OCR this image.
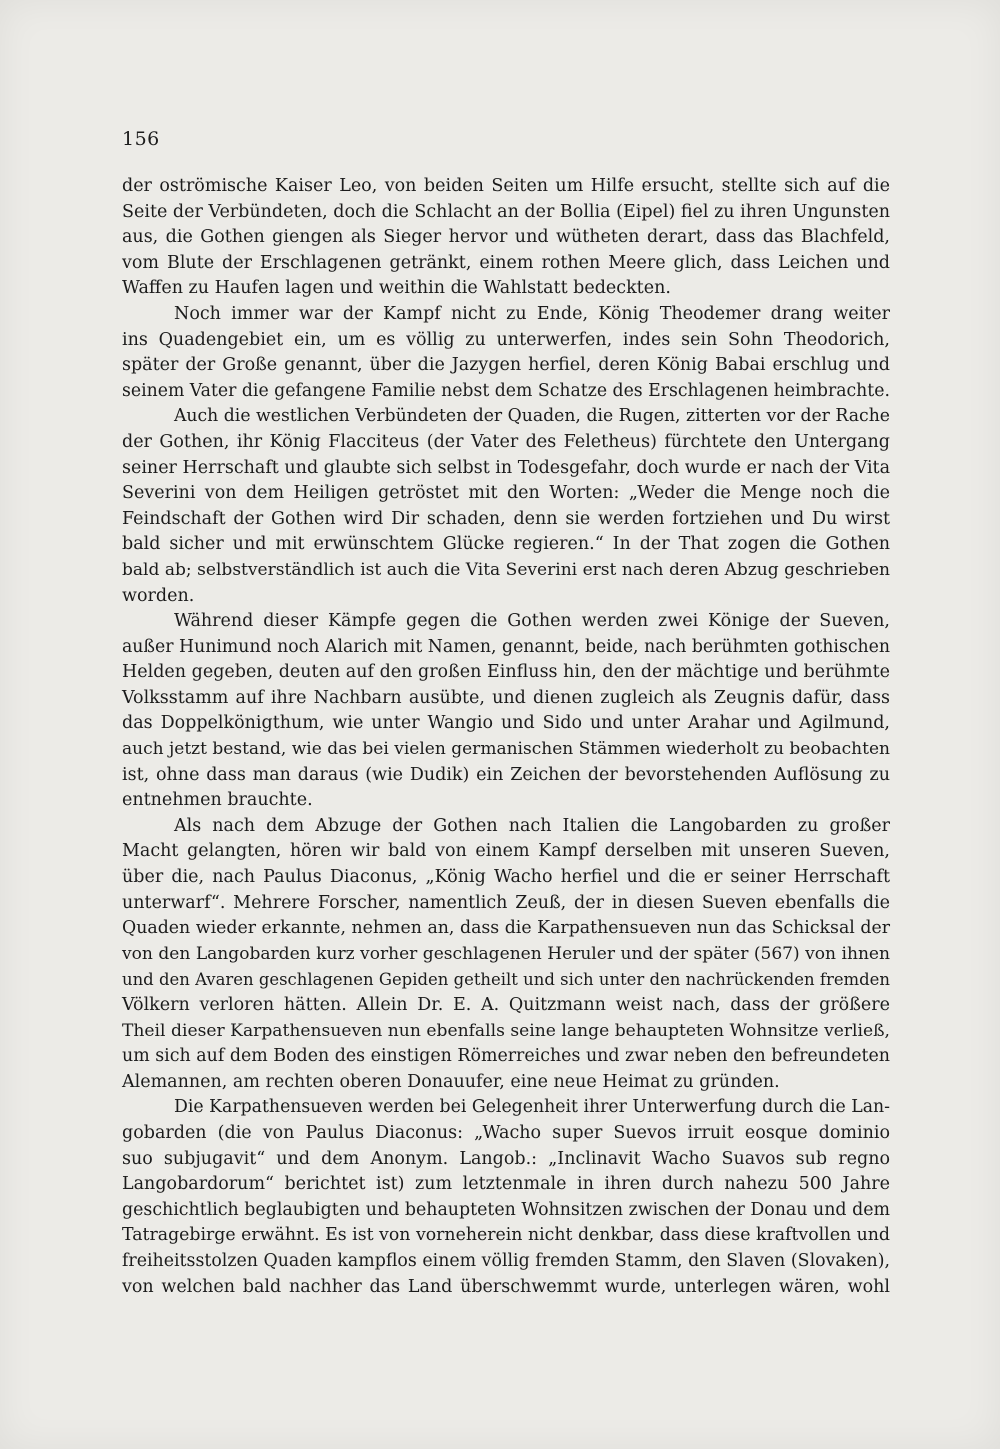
156
der oströmische Kaiser Leo, von beiden Seiten um Hilfe ersucht, stellte sich auf die
Seite der Verbündeten, doch die Schlacht an der Bollia (Eipel) fiel zu ihren Ungunsten
aus, die Gothen giengen als Sieger hervor und wütheten derart, dass das Blachfeld,
vom Blute der Erschlagenen getränkt, einem rothen Meere glich, dass Leichen und
Waffen zu Haufen lagen und weithin die Wahlstatt bedeckten.
Noch immer war der Kampf nicht zu Ende, König Theodemer drang weiter
ins Quadengebiet ein, um es völlig zu unterwerfen, indes sein Sohn Theodorich,
später der Große genannt, über die Jazygen herfiel, deren König Babai erschlug und
seinem Vater die gefangene Familie nebst dem Schatze des Erschlagenen heimbrachte.
Auch die westlichen Verbündeten der Quaden, die Rugen, zitterten vor der Rache
der Gothen, ihr König Flacciteus (der Vater des Feletheus) fürchtete den Untergang
seiner Herrschaft und glaubte sich selbst in Todesgefahr, doch wurde er nach der Vita
Severini von dem Heiligen getröstet mit den Worten: „Weder die Menge noch die
Feindschaft der Gothen wird Dir schaden, denn sie werden fortziehen und Du wirst
bald sicher und mit erwünschtem Glücke regieren.“ In der That zogen die Gothen
bald ab; selbstverständlich ist auch die Vita Severini erst nach deren Abzug geschrieben
worden.
Während dieser Kämpfe gegen die Gothen werden zwei Könige der Sueven,
außer Hunimund noch Alarich mit Namen, genannt, beide, nach berühmten gothischen
Helden gegeben, deuten auf den großen Einfluss hin, den der mächtige und berühmte
Volksstamm auf ihre Nachbarn ausübte, und dienen zugleich als Zeugnis dafür, dass
das Doppelkönigthum, wie unter Wangio und Sido und unter Arahar und Agilmund,
auch jetzt bestand, wie das bei vielen germanischen Stämmen wiederholt zu beobachten
ist, ohne dass man daraus (wie Dudik) ein Zeichen der bevorstehenden Auflösung zu
entnehmen brauchte.
Als nach dem Abzuge der Gothen nach Italien die Langobarden zu großer
Macht gelangten, hören wir bald von einem Kampf derselben mit unseren Sueven,
über die, nach Paulus Diaconus, „König Wacho herfiel und die er seiner Herrschaft
unterwarf“. Mehrere Forscher, namentlich Zeuß, der in diesen Sueven ebenfalls die
Quaden wieder erkannte, nehmen an, dass die Karpathensueven nun das Schicksal der
von den Langobarden kurz vorher geschlagenen Heruler und der später (567) von ihnen
und den Avaren geschlagenen Gepiden getheilt und sich unter den nachrückenden fremden
Völkern verloren hätten. Allein Dr. E. A. Quitzmann weist nach, dass der größere
Theil dieser Karpathensueven nun ebenfalls seine lange behaupteten Wohnsitze verließ,
um sich auf dem Boden des einstigen Römerreiches und zwar neben den befreundeten
Alemannen, am rechten oberen Donauufer, eine neue Heimat zu gründen.
Die Karpathensueven werden bei Gelegenheit ihrer Unterwerfung durch die Lan-
gobarden (die von Paulus Diaconus: „Wacho super Suevos irruit eosque dominio
suo subjugavit“ und dem Anonym. Langob.: „Inclinavit Wacho Suavos sub regno
Langobardorum“ berichtet ist) zum letztenmale in ihren durch nahezu 500 Jahre
geschichtlich beglaubigten und behaupteten Wohnsitzen zwischen der Donau und dem
Tatragebirge erwähnt. Es ist von vorneherein nicht denkbar, dass diese kraftvollen und
freiheitsstolzen Quaden kampflos einem völlig fremden Stamm, den Slaven (Slovaken),
von welchen bald nachher das Land überschwemmt wurde, unterlegen wären, wohl
